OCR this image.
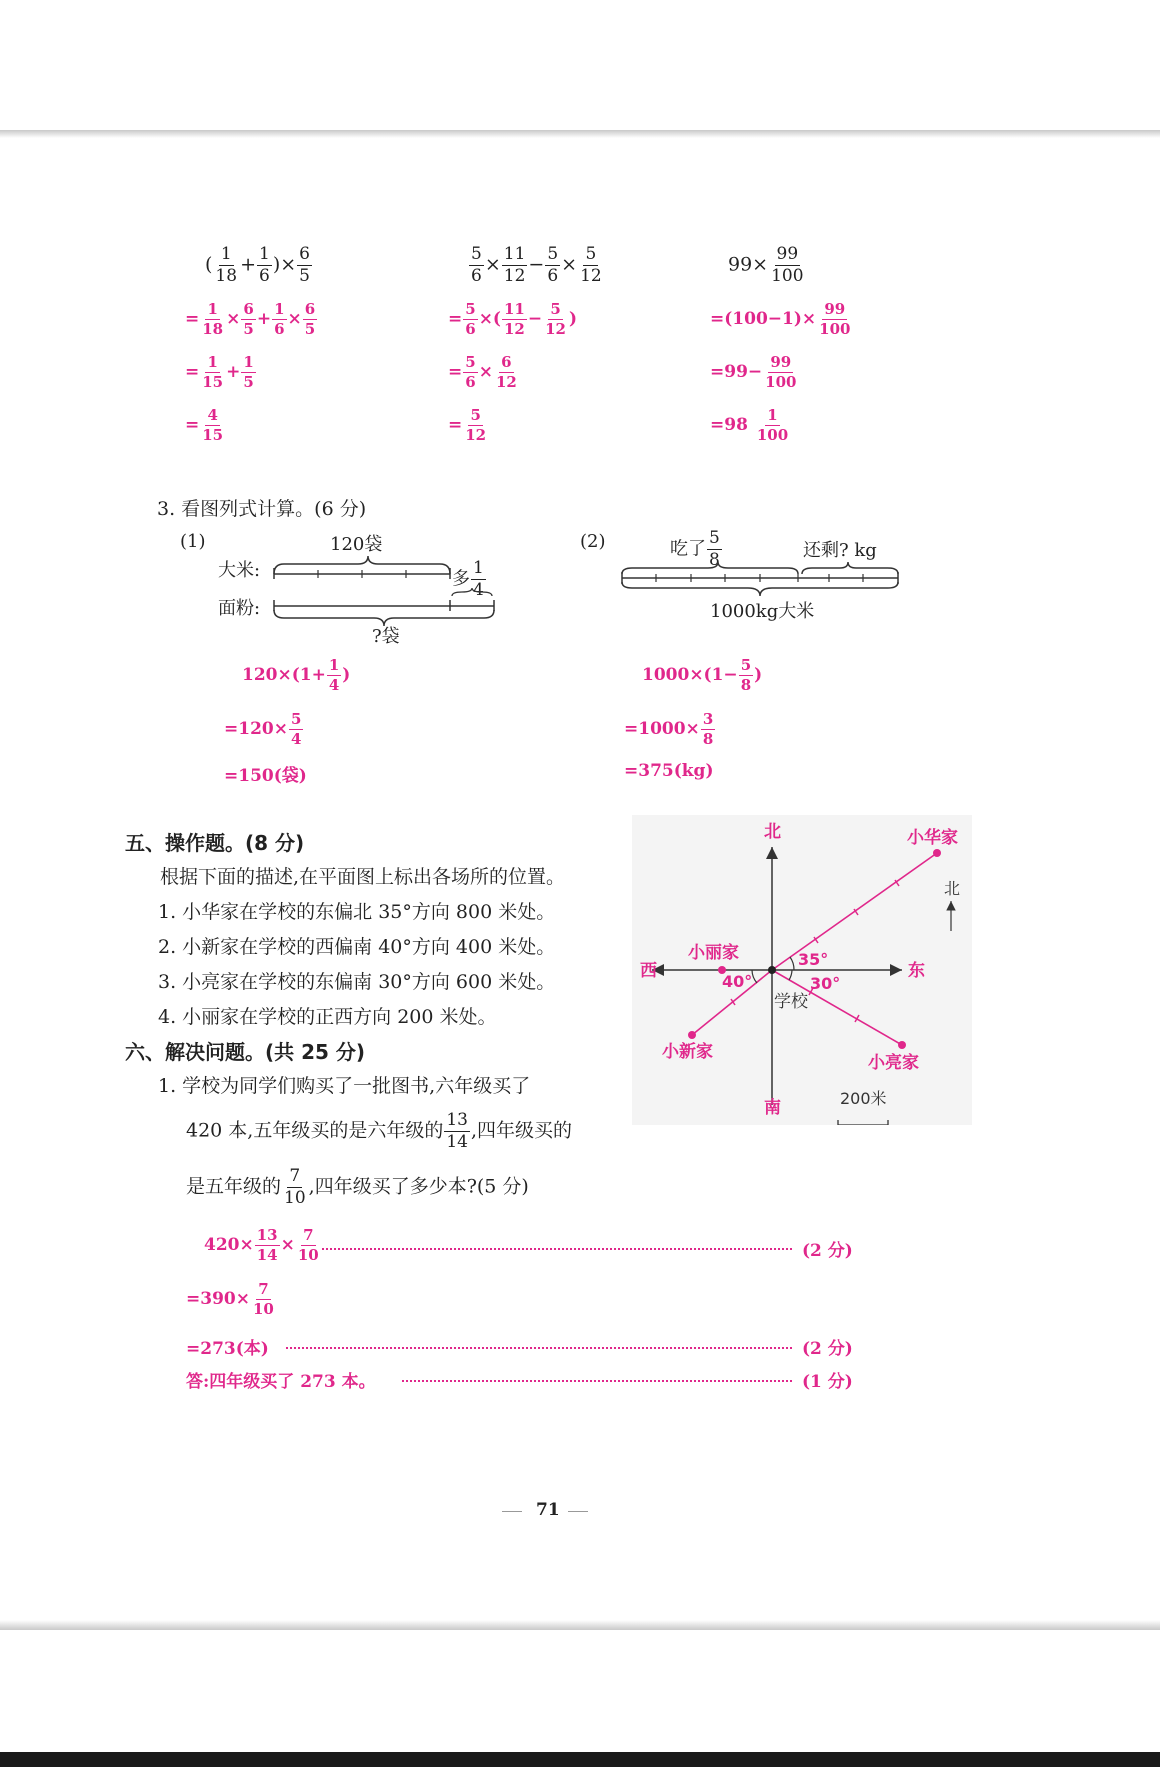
( $\frac{1}{18} + \frac{1}{6}$ )× $\frac{6}{5}$
= $\frac{1}{18} \times \frac{6}{5} + \frac{1}{6} \times \frac{6}{5}$
= $\frac{1}{15} + \frac{1}{5}$
= $\frac{4}{15}$
$\frac{5}{6} \times \frac{11}{12} - \frac{5}{6} \times \frac{5}{12}$
= $\frac{5}{6}$ ×( $\frac{11}{12} - \frac{5}{12}$ )
= $\frac{5}{6} \times \frac{6}{12}$
= $\frac{5}{12}$
$99\times \frac{99}{100}$
$=(100-1)\times \frac{99}{100}$
$=99- \frac{99}{100}$
$=98 \frac{1}{100}$
3. 看图列式计算。(6 分)
(1)	120袋
大米:
面粉:
多 $\frac{1}{4}$
?袋
$120\times(1+ \frac{1}{4}$ )
$=120\times \frac{5}{4}$
=150(袋)
(2)	吃了 $\frac{5}{8}$	还剩? kg
1000kg大米
$1000\times(1- \frac{5}{8}$ )
$=1000\times \frac{3}{8}$
=375(kg)
五、操作题。(8 分)
根据下面的描述,在平面图上标出各场所的位置。
1. 小华家在学校的东偏北 35°方向 800 米处。
2. 小新家在学校的西偏南 40°方向 400 米处。
3. 小亮家在学校的东偏南 30°方向 600 米处。
4. 小丽家在学校的正西方向 200 米处。
北
南
西	东
学校
小华家
小新家
小亮家
小丽家	35°
40°	30°
北
200米
六、解决问题。(共 25 分)
1. 学校为同学们购买了一批图书,六年级买了
420 本,五年级买的是六年级的 $\frac{13}{14}$ ,四年级买的
是五年级的 $\frac{7}{10}$ ,四年级买了多少本?(5 分)
$420\times \frac{13}{14} \times \frac{7}{10}$	(2 分)
$=390\times \frac{7}{10}$
=273(本)	(2 分)
答:四年级买了 273 本。	(1 分)
71
